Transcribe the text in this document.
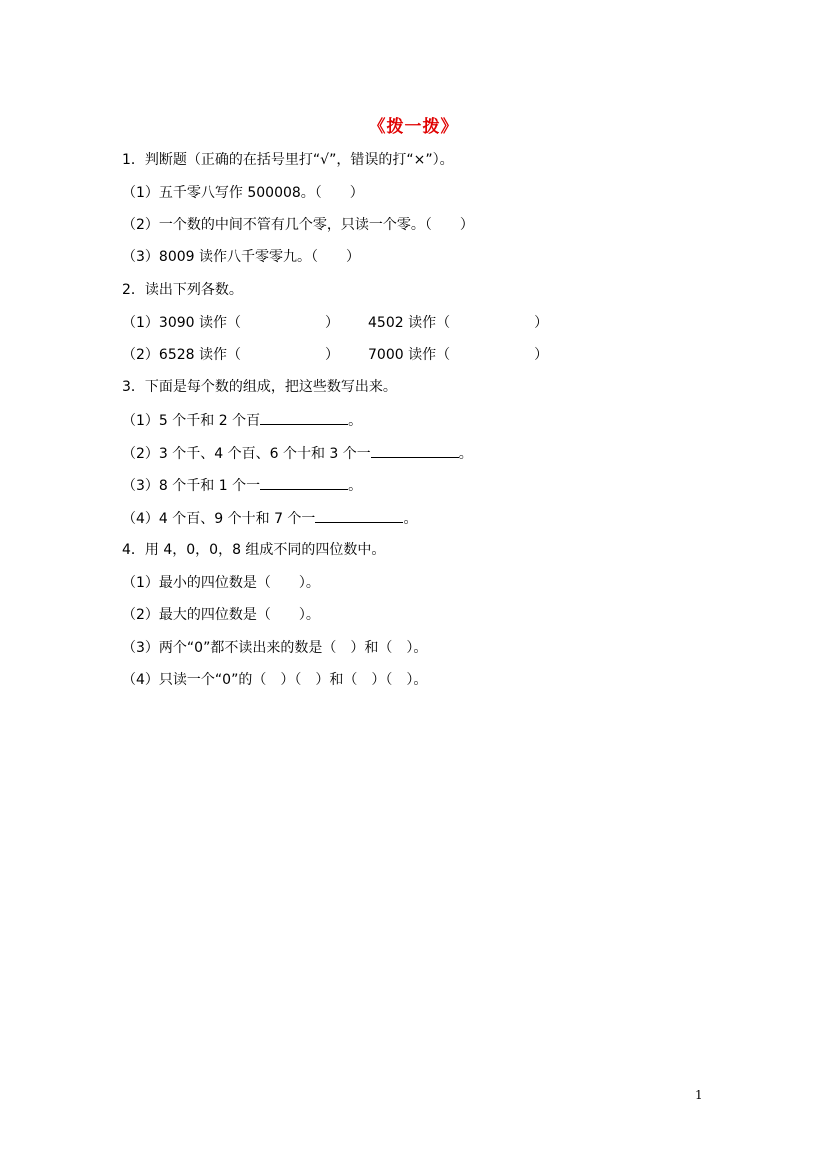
《拨一拨》
1．判断题（正确的在括号里打“√”，错误的打“×”）。
（1）五千零八写作 500008。（　　）
（2）一个数的中间不管有几个零，只读一个零。（　　）
（3）8009 读作八千零零九。（　　）
2．读出下列各数。
（1）3090 读作（　　　　　　） 4502 读作（　　　　　　）
（2）6528 读作（　　　　　　） 7000 读作（　　　　　　）
3．下面是每个数的组成，把这些数写出来。
（1）5 个千和 2 个百	。
（2）3 个千、4 个百、6 个十和 3 个一	。
（3）8 个千和 1 个一	。
（4）4 个百、9 个十和 7 个一	。
4．用 4，0，0，8 组成不同的四位数中。
（1）最小的四位数是（　　）。
（2）最大的四位数是（　　）。
（3）两个“0”都不读出来的数是（　）和（　）。
（4）只读一个“0”的（　）（　）和（　）（　）。
1
